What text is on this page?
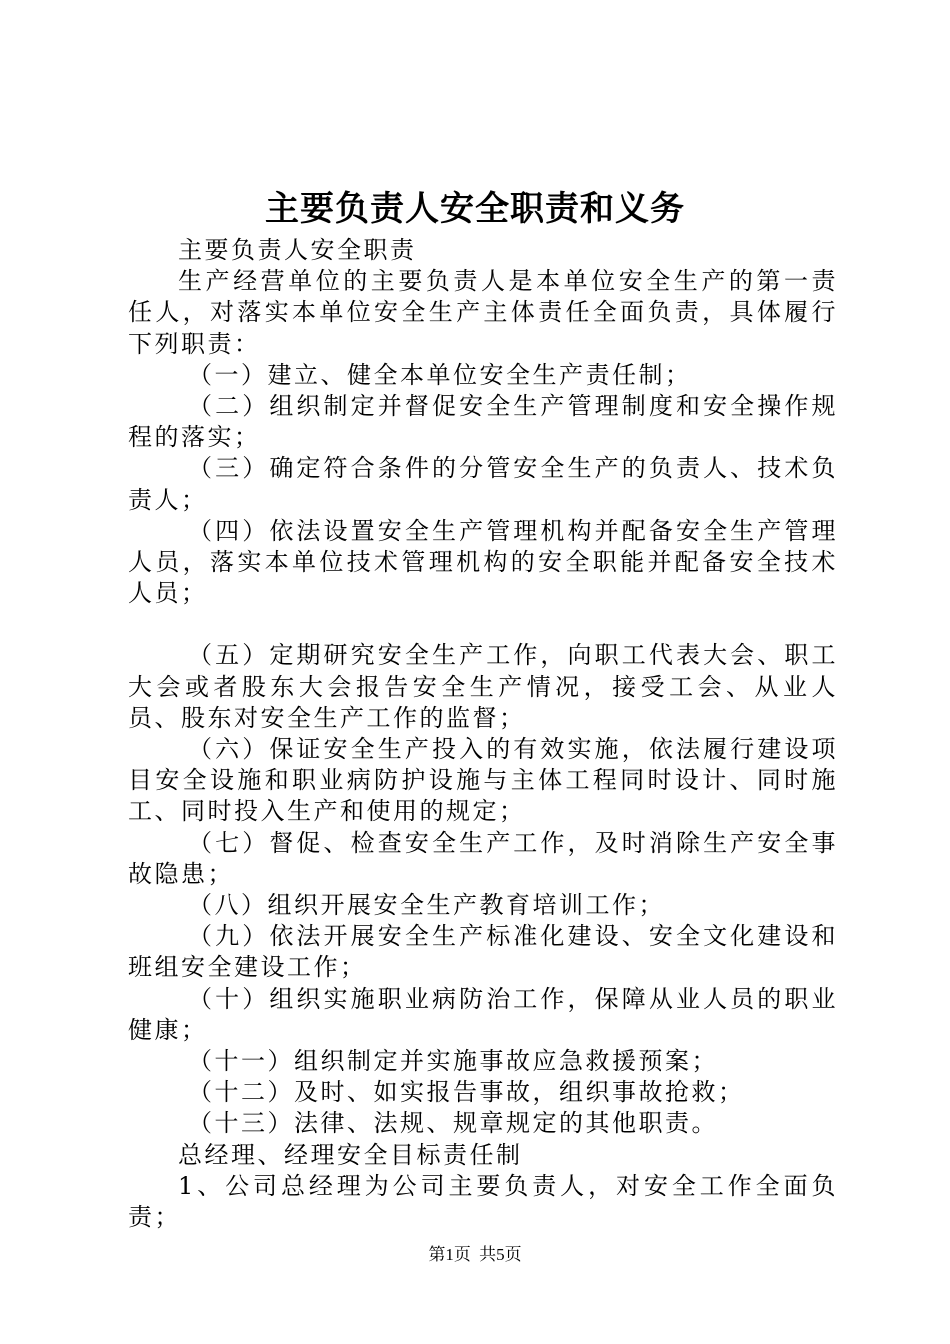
主要负责人安全职责和义务

主要负责人安全职责

生产经营单位的主要负责人是本单位安全生产的第一责任人，对落实本单位安全生产主体责任全面负责，具体履行下列职责：

（一）建立、健全本单位安全生产责任制；

（二）组织制定并督促安全生产管理制度和安全操作规程的落实；

（三）确定符合条件的分管安全生产的负责人、技术负责人；

（四）依法设置安全生产管理机构并配备安全生产管理人员，落实本单位技术管理机构的安全职能并配备安全技术人员；

（五）定期研究安全生产工作，向职工代表大会、职工大会或者股东大会报告安全生产情况，接受工会、从业人员、股东对安全生产工作的监督；

（六）保证安全生产投入的有效实施，依法履行建设项目安全设施和职业病防护设施与主体工程同时设计、同时施工、同时投入生产和使用的规定；

（七）督促、检查安全生产工作，及时消除生产安全事故隐患；

（八）组织开展安全生产教育培训工作；

（九）依法开展安全生产标准化建设、安全文化建设和班组安全建设工作；

（十）组织实施职业病防治工作，保障从业人员的职业健康；

（十一）组织制定并实施事故应急救援预案；

（十二）及时、如实报告事故，组织事故抢救；

（十三）法律、法规、规章规定的其他职责。

总经理、经理安全目标责任制

1、公司总经理为公司主要负责人，对安全工作全面负责；

第1页 共5页
